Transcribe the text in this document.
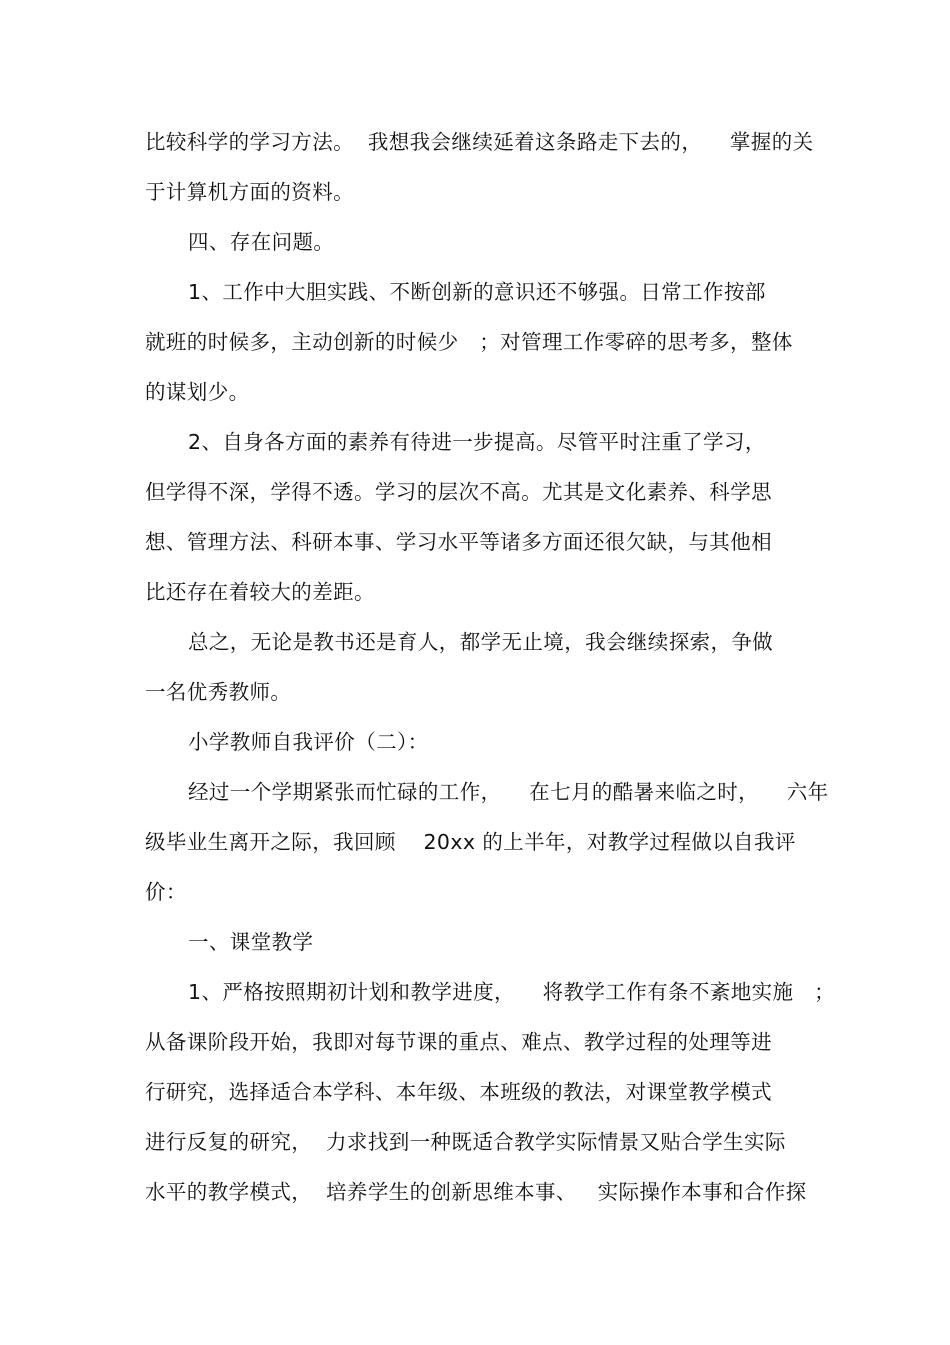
比较科学的学习方法。  我想我会继续延着这条路走下去的，    掌握的关
于计算机方面的资料。
四、存在问题。
1、工作中大胆实践、不断创新的意识还不够强。日常工作按部
就班的时候多，主动创新的时候少   ；对管理工作零碎的思考多，整体
的谋划少。
2、自身各方面的素养有待进一步提高。尽管平时注重了学习，
但学得不深，学得不透。学习的层次不高。尤其是文化素养、科学思
想、管理方法、科研本事、学习水平等诸多方面还很欠缺，与其他相
比还存在着较大的差距。
总之，无论是教书还是育人，都学无止境，我会继续探索，争做
一名优秀教师。
小学教师自我评价（二）：
经过一个学期紧张而忙碌的工作，    在七月的酷暑来临之时，    六年
级毕业生离开之际，我回顾    20xx 的上半年，对教学过程做以自我评
价：
一、课堂教学
1、严格按照期初计划和教学进度，    将教学工作有条不紊地实施   ；
从备课阶段开始，我即对每节课的重点、难点、教学过程的处理等进
行研究，选择适合本学科、本年级、本班级的教法，对课堂教学模式
进行反复的研究，  力求找到一种既适合教学实际情景又贴合学生实际
水平的教学模式，  培养学生的创新思维本事、   实际操作本事和合作探
